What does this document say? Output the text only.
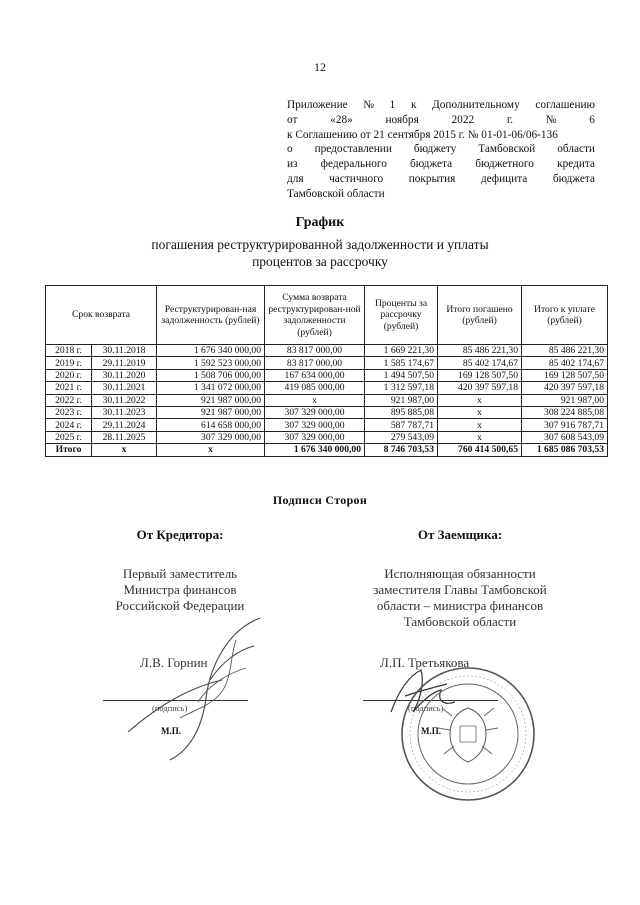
12
Приложение № 1 к Дополнительному соглашению
от	«28»	ноября	2022	г.	№	6
к Соглашению от 21 сентября 2015 г. № 01-01-06/06-136
о предоставлении бюджету Тамбовской области
из федерального бюджета бюджетного кредита
для частичного покрытия дефицита бюджета
Тамбовской области
График
погашения реструктурированной задолженности и уплаты процентов за рассрочку
Срок возврата		Реструктурирован-ная задолженность (рублей)	Сумма возврата реструктурирован-ной задолженности (рублей)	Проценты за рассрочку (рублей)	Итого погашено (рублей)	Итого к уплате (рублей)
2018 г.	30.11.2018	1 676 340 000,00	83 817 000,00	1 669 221,30	85 486 221,30	85 486 221,30
2019 г.	29.11.2019	1 592 523 000,00	83 817 000,00	1 585 174,67	85 402 174,67	85 402 174,67
2020 г.	30.11.2020	1 508 706 000,00	167 634 000,00	1 494 507,50	169 128 507,50	169 128 507,50
2021 г.	30.11.2021	1 341 072 000,00	419 085 000,00	1 312 597,18	420 397 597,18	420 397 597,18
2022 г.	30.11.2022	921 987 000,00	х	921 987,00	х	921 987,00
2023 г.	30.11.2023	921 987 000,00	307 329 000,00	895 885,08	х	308 224 885,08
2024 г.	29.11.2024	614 658 000,00	307 329 000,00	587 787,71	х	307 916 787,71
2025 г.	28.11.2025	307 329 000,00	307 329 000,00	279 543,09	х	307 608 543,09
Итого	х	х	1 676 340 000,00	8 746 703,53	760 414 500,65	1 685 086 703,53
Подписи Сторон
От Кредитора:	От Заемщика:
Первый заместитель
Министра финансов
Российской Федерации
Исполняющая обязанности
заместителя Главы Тамбовской
области – министра финансов
Тамбовской области
Л.В. Горнин	Л.П. Третьякова
(подпись)	(подпись)
М.П.	М.П.
